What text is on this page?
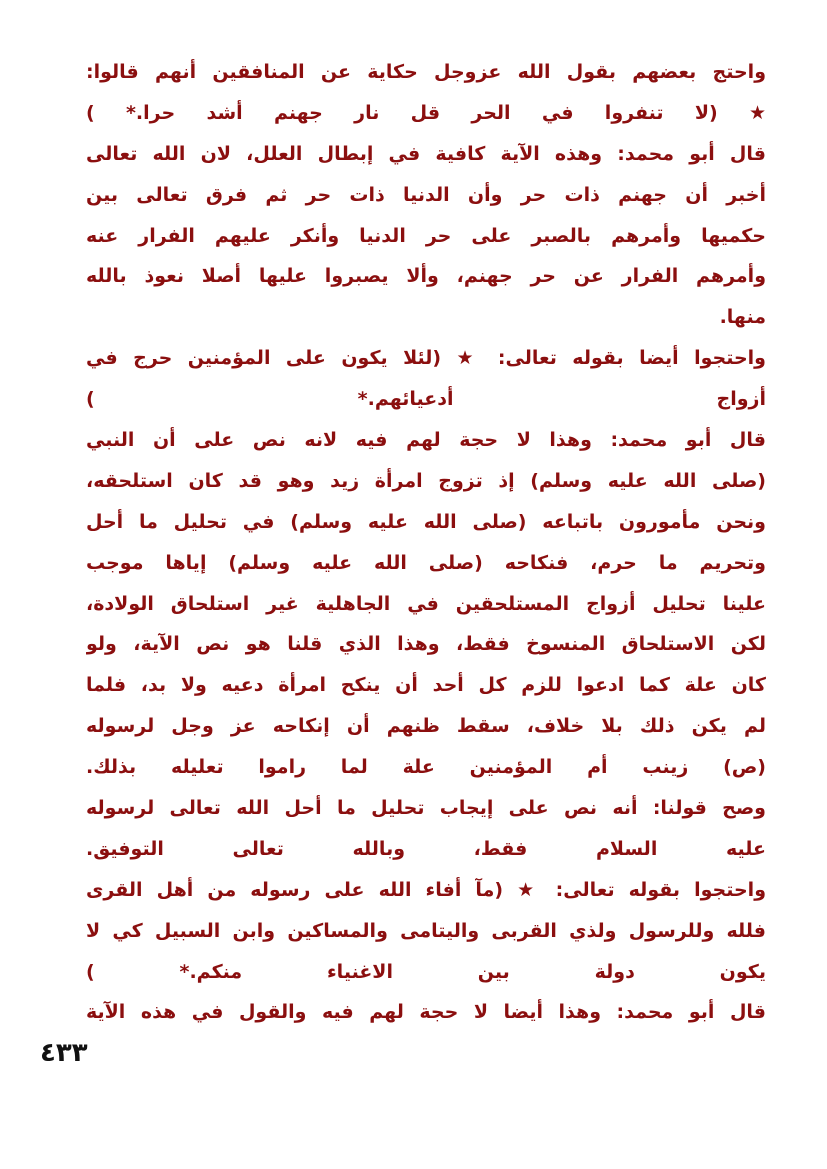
واحتج بعضهم بقول الله عزوجل حكاية عن المنافقين أنهم قالوا:
★ (لا تنفروا في الحر قل نار جهنم أشد حرا.* )
قال أبو محمد: وهذه الآية كافية في إبطال العلل، لان الله تعالى
أخبر أن جهنم ذات حر وأن الدنيا ذات حر ثم فرق تعالى بين
حكميها وأمرهم بالصبر على حر الدنيا وأنكر عليهم الفرار عنه
وأمرهم الفرار عن حر جهنم، وألا يصبروا عليها أصلا نعوذ بالله
منها.
واحتجوا أيضا بقوله تعالى: ★ (لئلا يكون على المؤمنين حرج في
أزواج أدعيائهم.* )
قال أبو محمد: وهذا لا حجة لهم فيه لانه نص على أن النبي
(صلى الله عليه وسلم) إذ تزوج امرأة زيد وهو قد كان استلحقه،
ونحن مأمورون باتباعه (صلى الله عليه وسلم) في تحليل ما أحل
وتحريم ما حرم، فنكاحه (صلى الله عليه وسلم) إياها موجب
علينا تحليل أزواج المستلحقين في الجاهلية غير استلحاق الولادة،
لكن الاستلحاق المنسوخ فقط، وهذا الذي قلنا هو نص الآية، ولو
كان علة كما ادعوا للزم كل أحد أن ينكح امرأة دعيه ولا بد، فلما
لم يكن ذلك بلا خلاف، سقط ظنهم أن إنكاحه عز وجل لرسوله
(ص) زينب أم المؤمنين علة لما راموا تعليله بذلك.
وصح قولنا: أنه نص على إيجاب تحليل ما أحل الله تعالى لرسوله
عليه السلام فقط، وبالله تعالى التوفيق.
واحتجوا بقوله تعالى: ★ (مآ أفاء الله على رسوله من أهل القرى
فلله وللرسول ولذي القربى واليتامى والمساكين وابن السبيل كي لا
يكون دولة بين الاغنياء منكم.* )
قال أبو محمد: وهذا أيضا لا حجة لهم فيه والقول في هذه الآية
٤٣٣
